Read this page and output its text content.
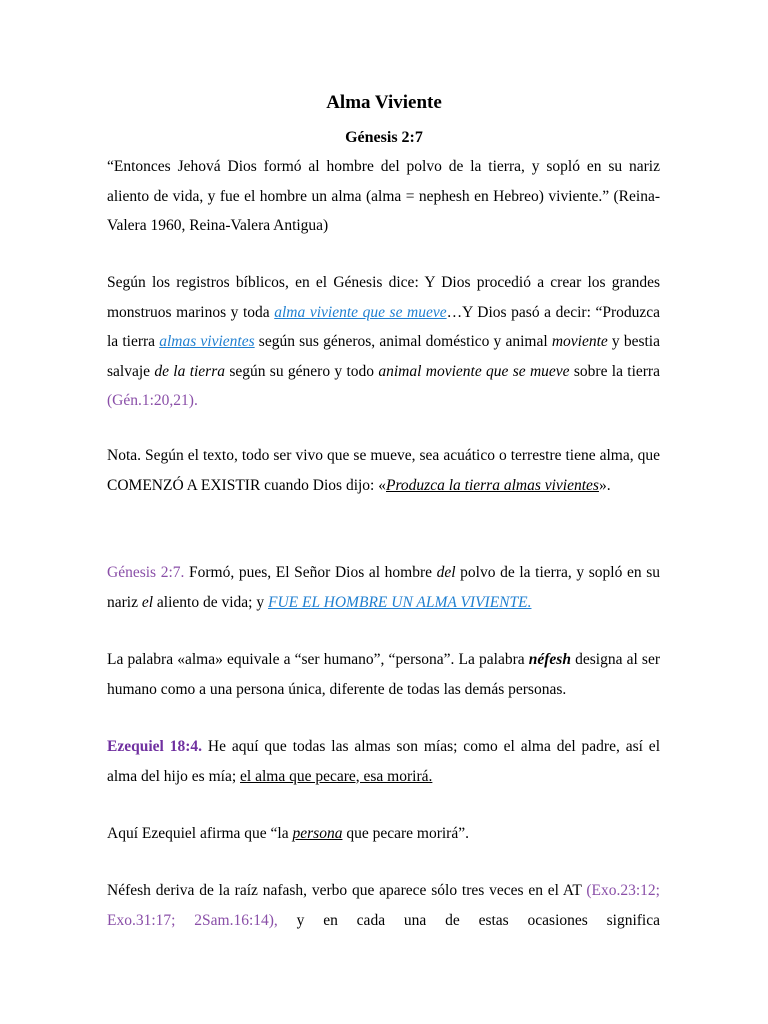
Alma Viviente
Génesis 2:7

“Entonces Jehová Dios formó al hombre del polvo de la tierra, y sopló en su nariz aliento de vida, y fue el hombre un alma (alma = nephesh en Hebreo) viviente.” (Reina-Valera 1960, Reina-Valera Antigua)

Según los registros bíblicos, en el Génesis dice: Y Dios procedió a crear los grandes monstruos marinos y toda alma viviente que se mueve…Y Dios pasó a decir: “Produzca la tierra almas vivientes según sus géneros, animal doméstico y animal moviente y bestia salvaje de la tierra según su género y todo animal moviente que se mueve sobre la tierra (Gén.1:20,21).

Nota. Según el texto, todo ser vivo que se mueve, sea acuático o terrestre tiene alma, que COMENZÓ A EXISTIR cuando Dios dijo: «Produzca la tierra almas vivientes».

Génesis 2:7. Formó, pues, El Señor Dios al hombre del polvo de la tierra, y sopló en su nariz el aliento de vida; y FUE EL HOMBRE UN ALMA VIVIENTE.

La palabra «alma» equivale a “ser humano”, “persona”. La palabra néfesh designa al ser humano como a una persona única, diferente de todas las demás personas.

Ezequiel 18:4. He aquí que todas las almas son mías; como el alma del padre, así el alma del hijo es mía; el alma que pecare, esa morirá.

Aquí Ezequiel afirma que “la persona que pecare morirá”.

Néfesh deriva de la raíz nafash, verbo que aparece sólo tres veces en el AT (Exo.23:12; Exo.31:17; 2Sam.16:14), y en cada una de estas ocasiones significa
